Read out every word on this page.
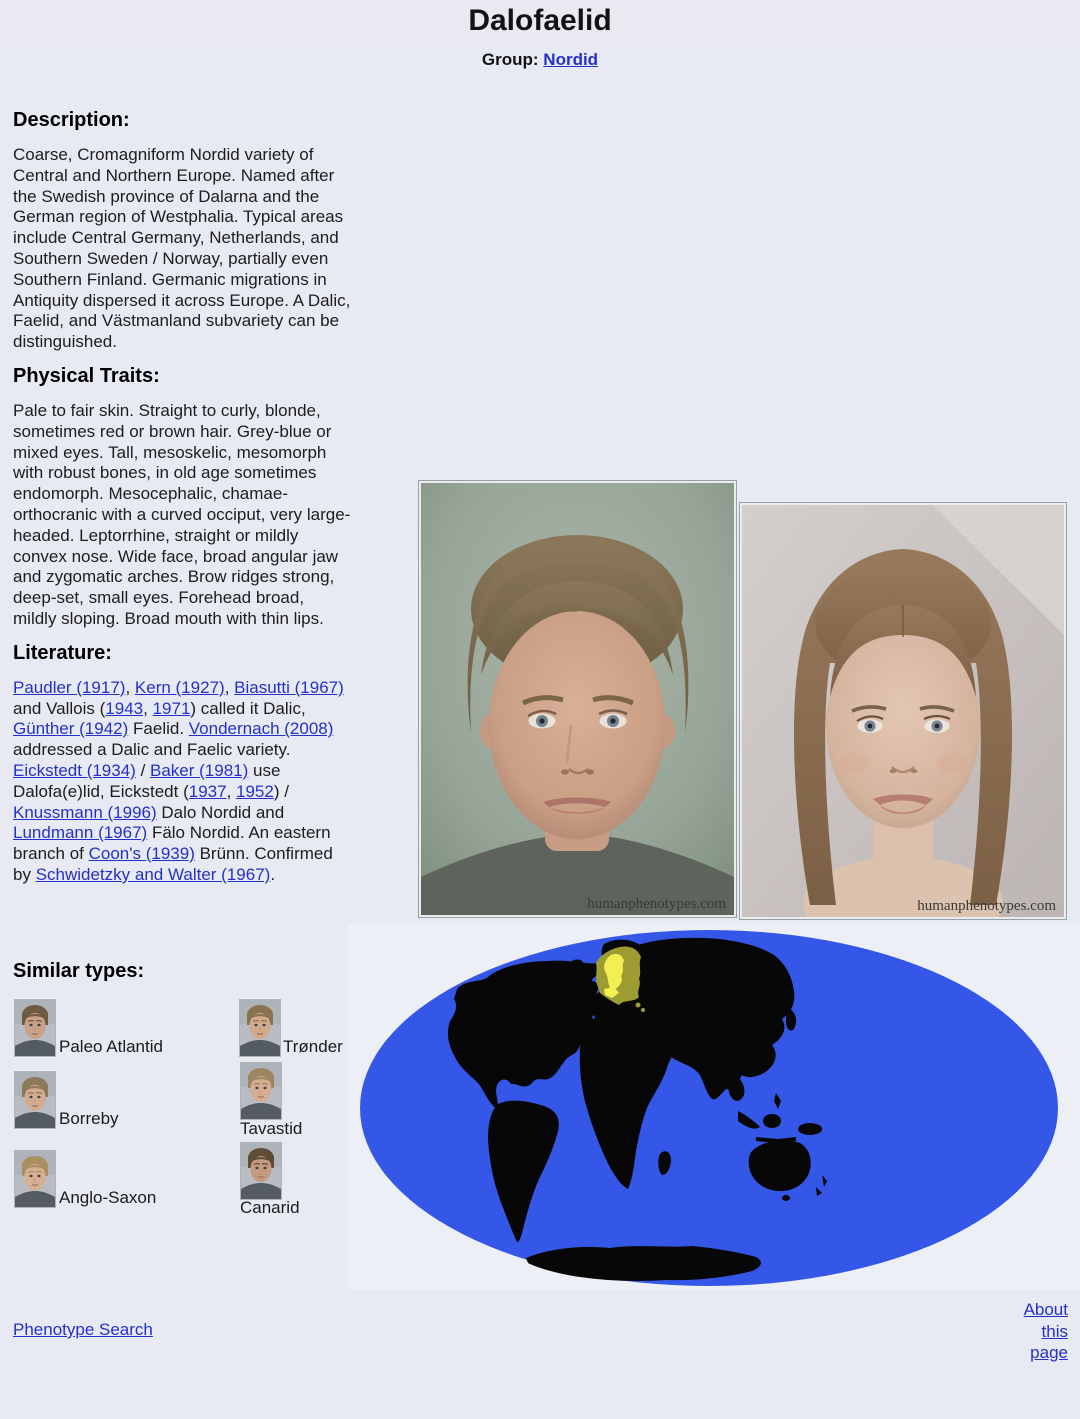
Dalofaelid
Group: Nordid
Description:

Coarse, Cromagniform Nordid variety of Central and Northern Europe. Named after the Swedish province of Dalarna and the German region of Westphalia. Typical areas include Central Germany, Netherlands, and Southern Sweden / Norway, partially even Southern Finland. Germanic migrations in Antiquity dispersed it across Europe. A Dalic, Faelid, and Västmanland subvariety can be distinguished.

Physical Traits:

Pale to fair skin. Straight to curly, blonde, sometimes red or brown hair. Grey-blue or mixed eyes. Tall, mesoskelic, mesomorph with robust bones, in old age sometimes endomorph. Mesocephalic, chamae-orthocranic with a curved occiput, very large-headed. Leptorrhine, straight or mildly convex nose. Wide face, broad angular jaw and zygomatic arches. Brow ridges strong, deep-set, small eyes. Forehead broad, mildly sloping. Broad mouth with thin lips.

Literature:

Paudler (1917), Kern (1927), Biasutti (1967) and Vallois (1943, 1971) called it Dalic, Günther (1942) Faelid. Vondernach (2008) addressed a Dalic and Faelic variety. Eickstedt (1934) / Baker (1981) use Dalofa(e)lid, Eickstedt (1937, 1952) / Knussmann (1996) Dalo Nordid and Lundmann (1967) Fälo Nordid. An eastern branch of Coon's (1939) Brünn. Confirmed by Schwidetzky and Walter (1967).

Similar types:
Paleo Atlantid	Trønder
Borreby
Tavastid
Anglo-Saxon
Canarid
humanphenotypes.com	humanphenotypes.com
Phenotype Search
About this page
